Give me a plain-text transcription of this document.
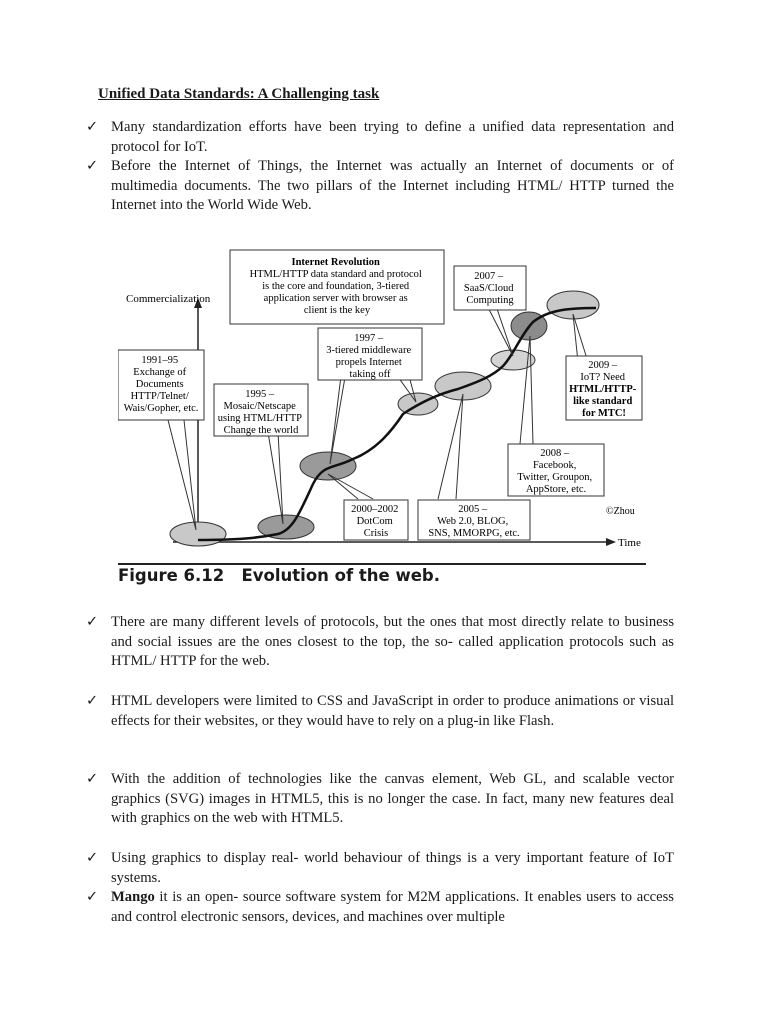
Unified Data Standards: A Challenging task
✓ Many standardization efforts have been trying to define a unified data representation and protocol for IoT.
✓ Before the Internet of Things, the Internet was actually an Internet of documents or of multimedia documents. The two pillars of the Internet including HTML/ HTTP turned the Internet into the World Wide Web.
Commercialization
Time
©Zhou
Internet Revolution HTML/HTTP data standard and protocol is the core and foundation, 3-tiered application server with browser as client is the key
2007 – SaaS/Cloud Computing
1997 – 3-tiered middleware propels Internet taking off
1991–95 Exchange of Documents HTTP/Telnet/ Wais/Gopher, etc.
1995 – Mosaic/Netscape using HTML/HTTP Change the world
2009 – IoT? Need HTML/HTTP- like standard for MTC!
2008 – Facebook, Twitter, Groupon, AppStore, etc.
2000–2002 DotCom Crisis
2005 – Web 2.0, BLOG, SNS, MMORPG, etc.
Figure 6.12 Evolution of the web.
✓ There are many different levels of protocols, but the ones that most directly relate to business and social issues are the ones closest to the top, the so- called application protocols such as HTML/ HTTP for the web.
✓ HTML developers were limited to CSS and JavaScript in order to produce animations or visual effects for their websites, or they would have to rely on a plug-in like Flash.
✓ With the addition of technologies like the canvas element, Web GL, and scalable vector graphics (SVG) images in HTML5, this is no longer the case. In fact, many new features deal with graphics on the web with HTML5.
✓ Using graphics to display real- world behaviour of things is a very important feature of IoT systems.
✓ Mango it is an open- source software system for M2M applications. It enables users to access and control electronic sensors, devices, and machines over multiple
